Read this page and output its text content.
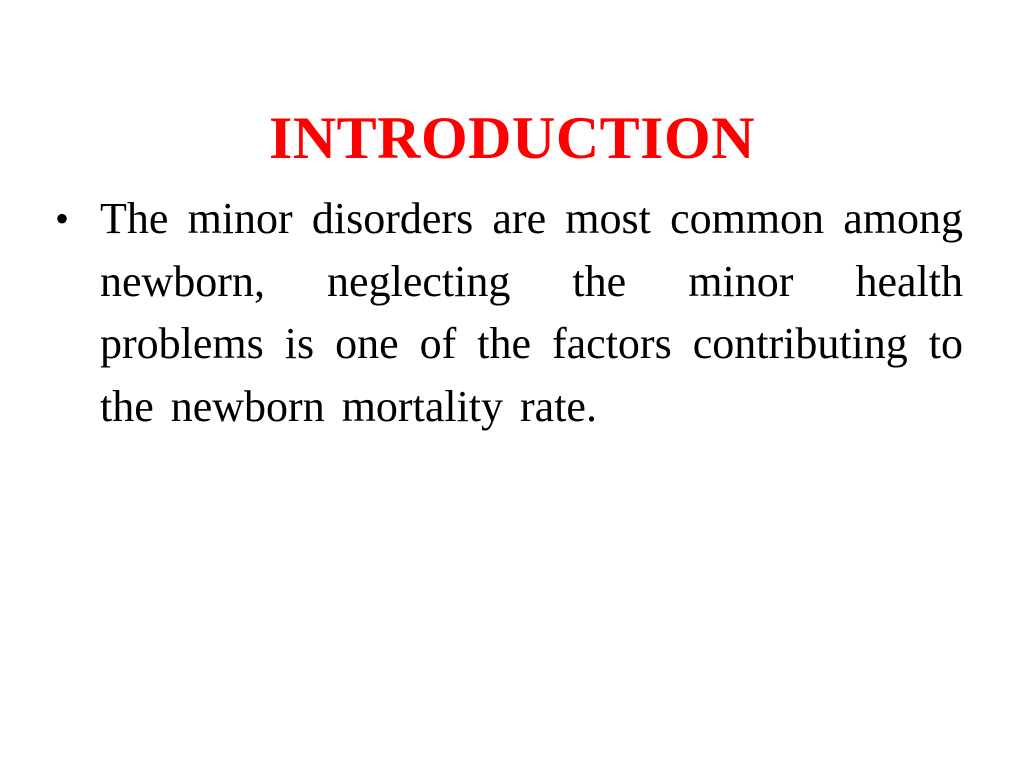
INTRODUCTION
• The minor disorders are most common among newborn, neglecting the minor health problems is one of the factors contributing to the newborn mortality rate.
